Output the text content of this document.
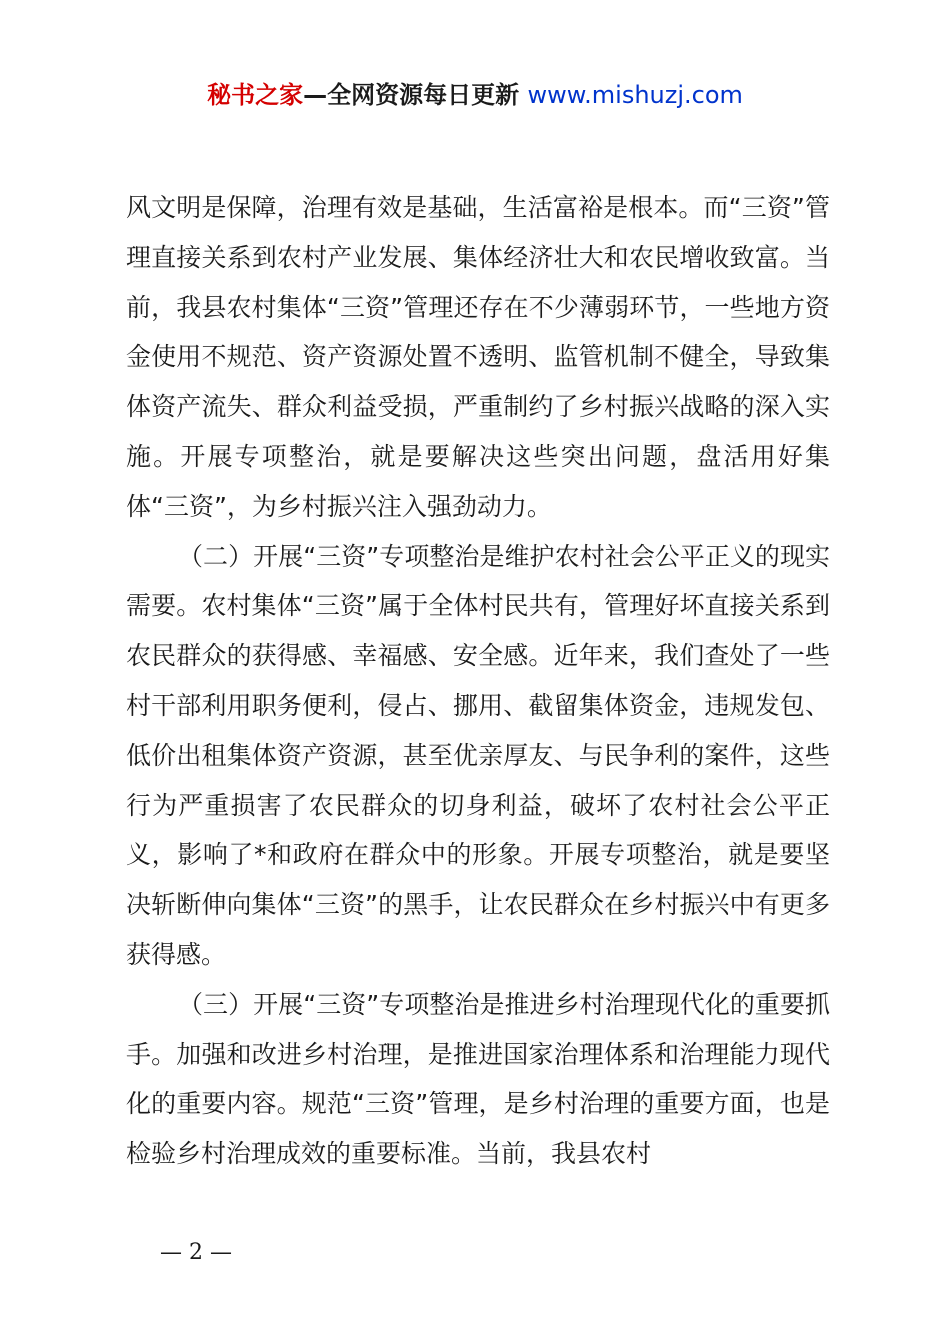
秘书之家—全网资源每日更新 www.mishuzj.com

风文明是保障，治理有效是基础，生活富裕是根本。而“三资”管理直接关系到农村产业发展、集体经济壮大和农民增收致富。当前，我县农村集体“三资”管理还存在不少薄弱环节，一些地方资金使用不规范、资产资源处置不透明、监管机制不健全，导致集体资产流失、群众利益受损，严重制约了乡村振兴战略的深入实施。开展专项整治，就是要解决这些突出问题，盘活用好集体“三资”，为乡村振兴注入强劲动力。

（二）开展“三资”专项整治是维护农村社会公平正义的现实需要。农村集体“三资”属于全体村民共有，管理好坏直接关系到农民群众的获得感、幸福感、安全感。近年来，我们查处了一些村干部利用职务便利，侵占、挪用、截留集体资金，违规发包、低价出租集体资产资源，甚至优亲厚友、与民争利的案件，这些行为严重损害了农民群众的切身利益，破坏了农村社会公平正义，影响了*和政府在群众中的形象。开展专项整治，就是要坚决斩断伸向集体“三资”的黑手，让农民群众在乡村振兴中有更多获得感。

（三）开展“三资”专项整治是推进乡村治理现代化的重要抓手。加强和改进乡村治理，是推进国家治理体系和治理能力现代化的重要内容。规范“三资”管理，是乡村治理的重要方面，也是检验乡村治理成效的重要标准。当前，我县农村

— 2 —
